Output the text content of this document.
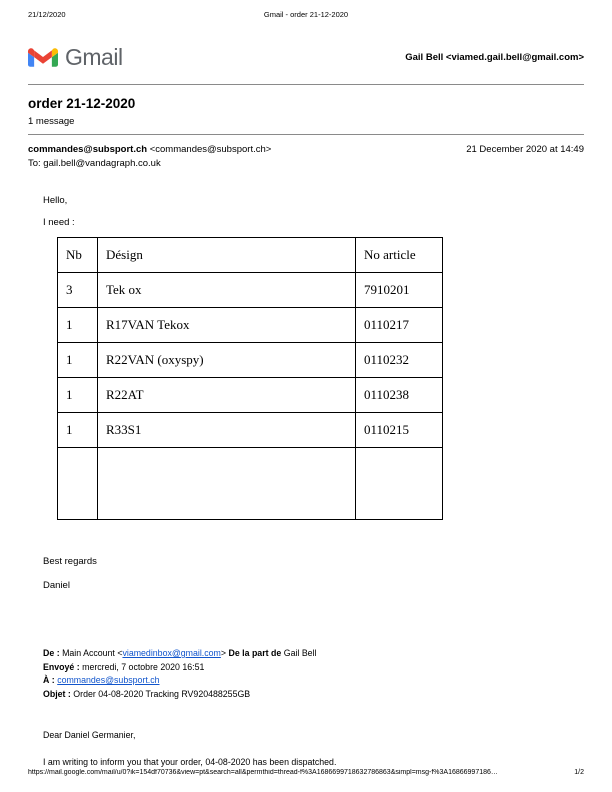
21/12/2020	Gmail - order 21-12-2020
Gmail	Gail Bell <viamed.gail.bell@gmail.com>
order 21-12-2020
1 message
commandes@subsport.ch <commandes@subsport.ch>	21 December 2020 at 14:49
To: gail.bell@vandagraph.co.uk
Hello,
I need :
Nb	Désign	No article
3	Tek ox	7910201
1	R17VAN Tekox	0110217
1	R22VAN (oxyspy)	0110232
1	R22AT	0110238
1	R33S1	0110215

Best regards
Daniel
De : Main Account <viamedinbox@gmail.com> De la part de Gail Bell
Envoyé : mercredi, 7 octobre 2020 16:51
À : commandes@subsport.ch
Objet : Order 04-08-2020 Tracking RV920488255GB
Dear Daniel Germanier,
I am writing to inform you that your order, 04-08-2020 has been dispatched.
https://mail.google.com/mail/u/0?ik=154df70736&view=pt&search=all&permthid=thread-f%3A1686699718632786863&simpl=msg-f%3A16866997186…	1/2
